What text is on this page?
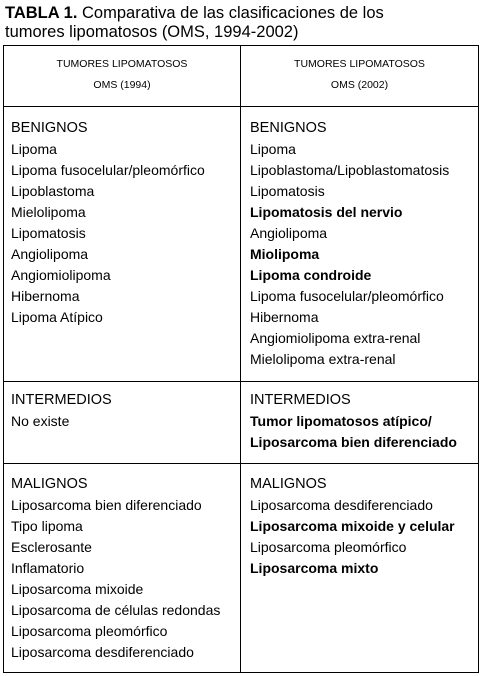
TABLA 1. Comparativa de las clasificaciones de los
tumores lipomatosos (OMS, 1994-2002)
TUMORES LIPOMATOSOS
OMS (1994)
TUMORES LIPOMATOSOS
OMS (2002)

BENIGNOS

Lipoma

Lipoma fusocelular/pleomórfico

Lipoblastoma

Mielolipoma

Lipomatosis

Angiolipoma

Angiomiolipoma

Hibernoma

Lipoma Atípico

BENIGNOS

Lipoma

Lipoblastoma/Lipoblastomatosis

Lipomatosis

Lipomatosis del nervio

Angiolipoma

Miolipoma

Lipoma condroide

Lipoma fusocelular/pleomórfico

Hibernoma

Angiomiolipoma extra-renal

Mielolipoma extra-renal

INTERMEDIOS

No existe

INTERMEDIOS

Tumor lipomatosos atípico/

Liposarcoma bien diferenciado

MALIGNOS

Liposarcoma bien diferenciado

Tipo lipoma

Esclerosante

Inflamatorio

Liposarcoma mixoide

Liposarcoma de células redondas

Liposarcoma pleomórfico

Liposarcoma desdiferenciado

MALIGNOS

Liposarcoma desdiferenciado

Liposarcoma mixoide y celular

Liposarcoma pleomórfico

Liposarcoma mixto
